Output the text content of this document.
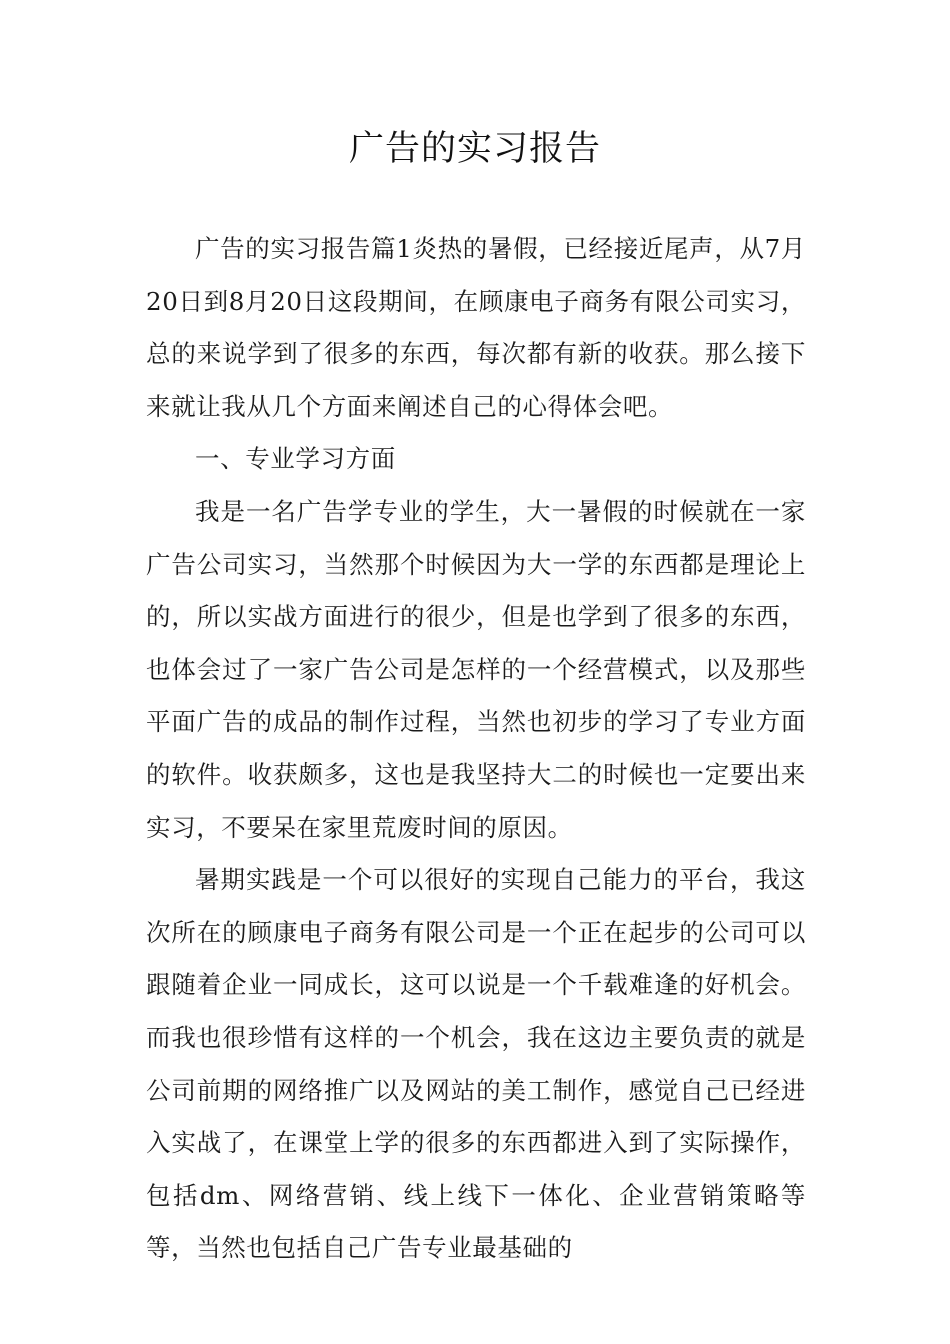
广告的实习报告

广告的实习报告篇1炎热的暑假，已经接近尾声，从7月20日到8月20日这段期间，在顾康电子商务有限公司实习，总的来说学到了很多的东西，每次都有新的收获。那么接下来就让我从几个方面来阐述自己的心得体会吧。

一、专业学习方面

我是一名广告学专业的学生，大一暑假的时候就在一家广告公司实习，当然那个时候因为大一学的东西都是理论上的，所以实战方面进行的很少，但是也学到了很多的东西，也体会过了一家广告公司是怎样的一个经营模式，以及那些平面广告的成品的制作过程，当然也初步的学习了专业方面的软件。收获颇多，这也是我坚持大二的时候也一定要出来实习，不要呆在家里荒废时间的原因。

暑期实践是一个可以很好的实现自己能力的平台，我这次所在的顾康电子商务有限公司是一个正在起步的公司可以跟随着企业一同成长，这可以说是一个千载难逢的好机会。而我也很珍惜有这样的一个机会，我在这边主要负责的就是公司前期的网络推广以及网站的美工制作，感觉自己已经进入实战了，在课堂上学的很多的东西都进入到了实际操作，包括dm、网络营销、线上线下一体化、企业营销策略等等，当然也包括自己广告专业最基础的
